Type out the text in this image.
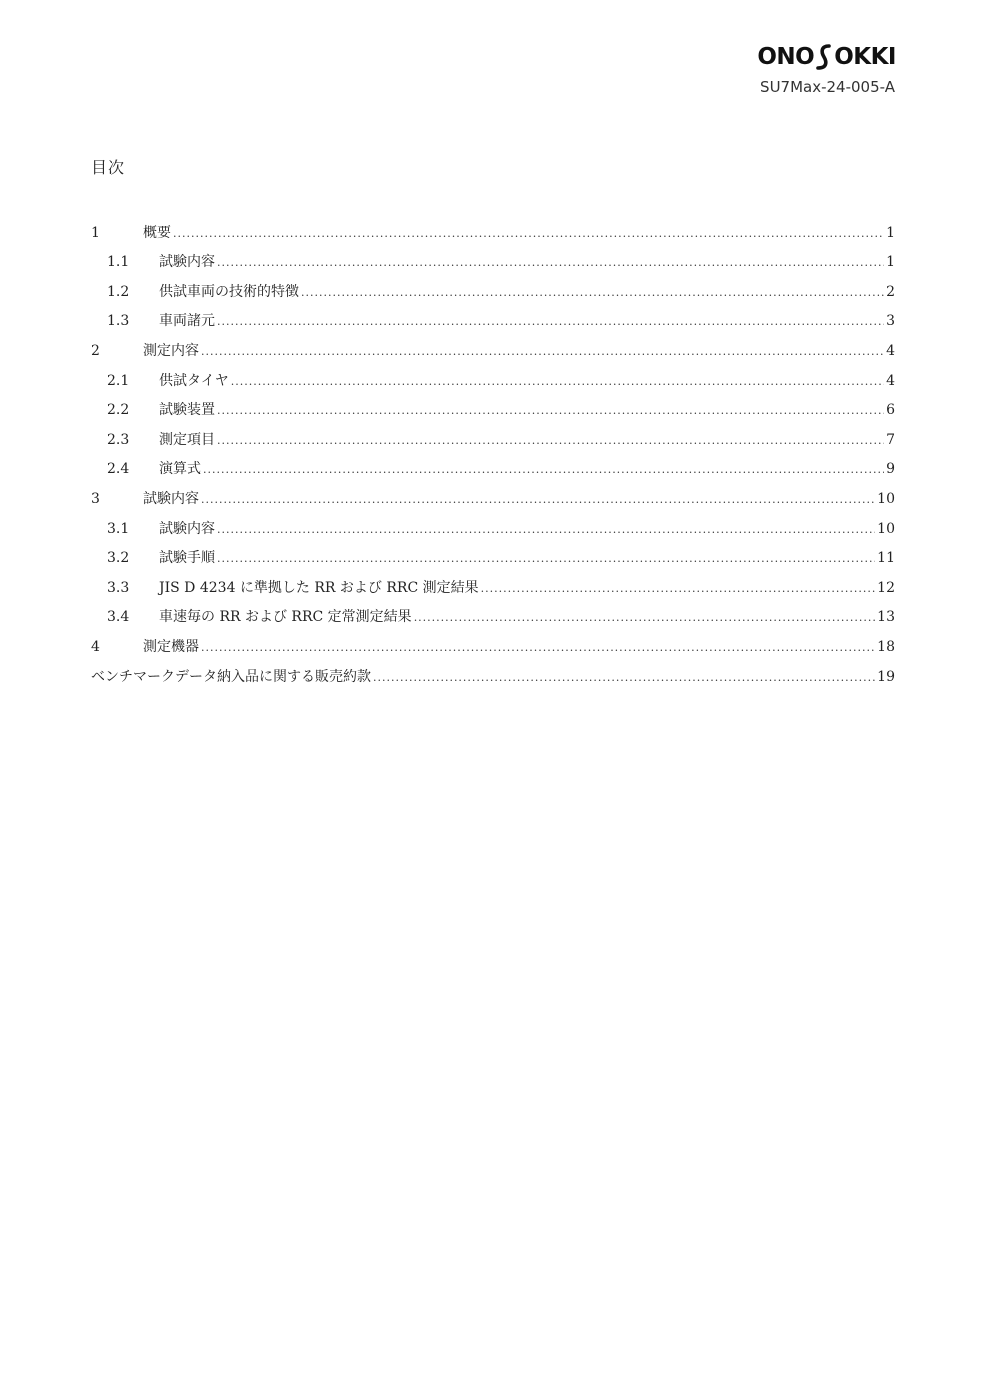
ONO OKKI
SU7Max-24-005-A
目次
1	概要 .....	1
1.1	試験内容 .....	1
1.2	供試車両の技術的特徴 .....	2
1.3	車両諸元 .....	3
2	測定内容 .....	4
2.1	供試タイヤ .....	4
2.2	試験装置 .....	6
2.3	測定項目 .....	7
2.4	演算式 .....	9
3	試験内容 .....	10
3.1	試験内容 .....	10
3.2	試験手順 .....	11
3.3	JIS D 4234 に準拠した RR および RRC 測定結果 .....	12
3.4	車速毎の RR および RRC 定常測定結果 .....	13
4	測定機器 .....	18
ベンチマークデータ納入品に関する販売約款 .....	19
